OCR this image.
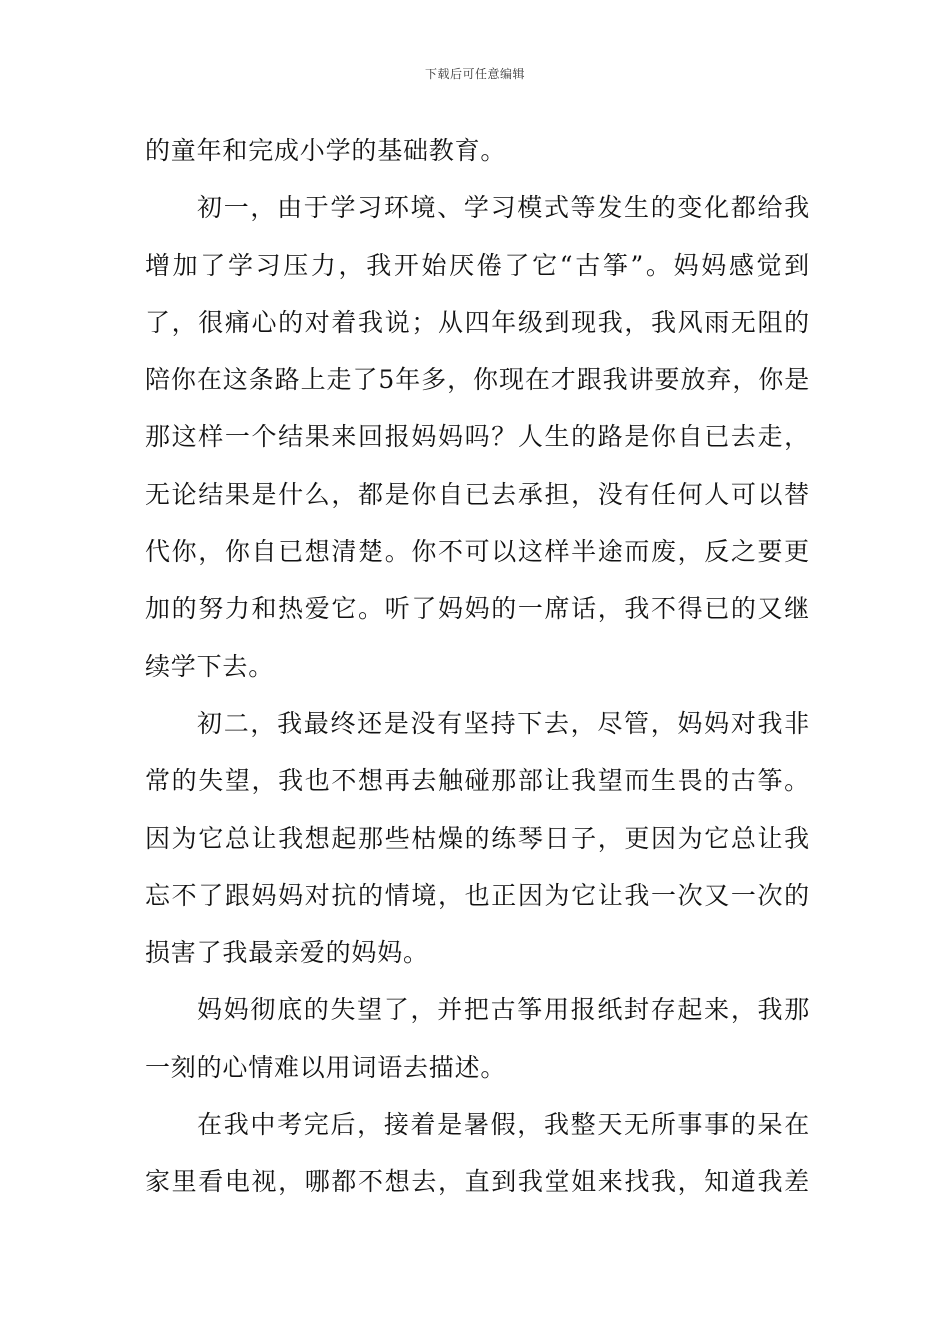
下载后可任意编辑
的童年和完成小学的基础教育。
初一，由于学习环境、学习模式等发生的变化都给我
增加了学习压力，我开始厌倦了它“古筝”。妈妈感觉到
了，很痛心的对着我说；从四年级到现我，我风雨无阻的
陪你在这条路上走了5年多，你现在才跟我讲要放弃，你是
那这样一个结果来回报妈妈吗？人生的路是你自已去走，
无论结果是什么，都是你自已去承担，没有任何人可以替
代你，你自已想清楚。你不可以这样半途而废，反之要更
加的努力和热爱它。听了妈妈的一席话，我不得已的又继
续学下去。
初二，我最终还是没有坚持下去，尽管，妈妈对我非
常的失望，我也不想再去触碰那部让我望而生畏的古筝。
因为它总让我想起那些枯燥的练琴日子，更因为它总让我
忘不了跟妈妈对抗的情境，也正因为它让我一次又一次的
损害了我最亲爱的妈妈。
妈妈彻底的失望了，并把古筝用报纸封存起来，我那
一刻的心情难以用词语去描述。
在我中考完后，接着是暑假，我整天无所事事的呆在
家里看电视，哪都不想去，直到我堂姐来找我，知道我差
